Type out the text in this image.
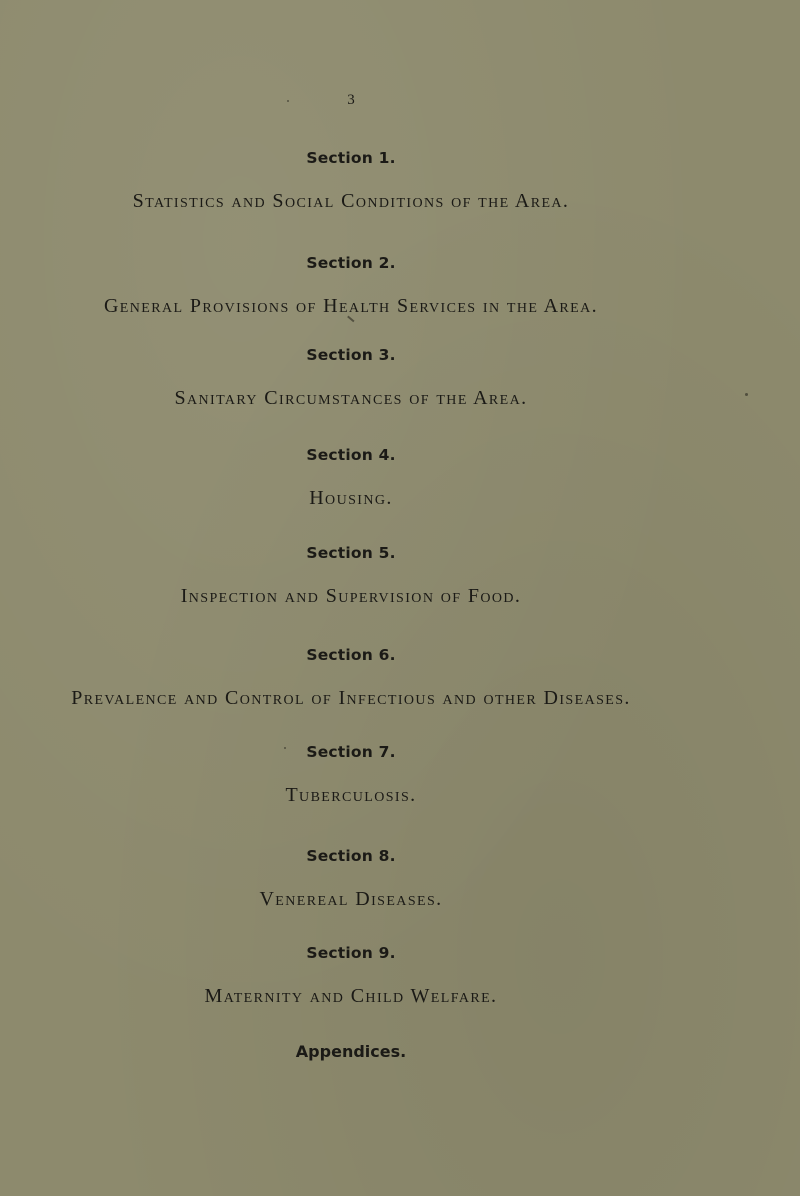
3
Section 1.
Statistics and Social Conditions of the Area.
Section 2.
General Provisions of Health Services in the Area.
Section 3.
Sanitary Circumstances of the Area.
Section 4.
Housing.
Section 5.
Inspection and Supervision of Food.
Section 6.
Prevalence and Control of Infectious and other Diseases.
Section 7.
Tuberculosis.
Section 8.
Venereal Diseases.
Section 9.
Maternity and Child Welfare.
Appendices.
